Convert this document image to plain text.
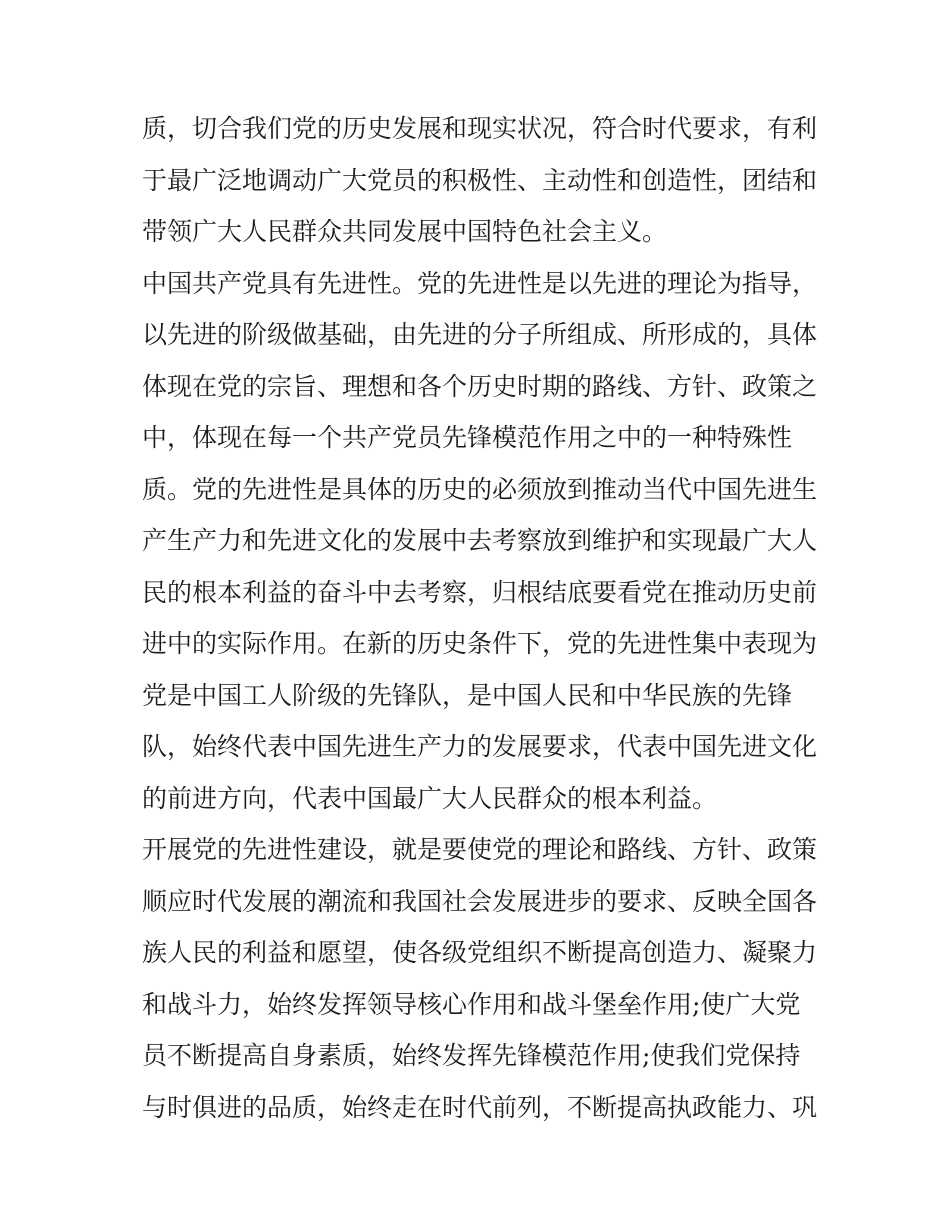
质，切合我们党的历史发展和现实状况，符合时代要求，有利
于最广泛地调动广大党员的积极性、主动性和创造性，团结和
带领广大人民群众共同发展中国特色社会主义。
中国共产党具有先进性。党的先进性是以先进的理论为指导，
以先进的阶级做基础，由先进的分子所组成、所形成的，具体
体现在党的宗旨、理想和各个历史时期的路线、方针、政策之
中，体现在每一个共产党员先锋模范作用之中的一种特殊性
质。党的先进性是具体的历史的必须放到推动当代中国先进生
产生产力和先进文化的发展中去考察放到维护和实现最广大人
民的根本利益的奋斗中去考察，归根结底要看党在推动历史前
进中的实际作用。在新的历史条件下，党的先进性集中表现为
党是中国工人阶级的先锋队，是中国人民和中华民族的先锋
队，始终代表中国先进生产力的发展要求，代表中国先进文化
的前进方向，代表中国最广大人民群众的根本利益。
开展党的先进性建设，就是要使党的理论和路线、方针、政策
顺应时代发展的潮流和我国社会发展进步的要求、反映全国各
族人民的利益和愿望，使各级党组织不断提高创造力、凝聚力
和战斗力，始终发挥领导核心作用和战斗堡垒作用;使广大党
员不断提高自身素质，始终发挥先锋模范作用;使我们党保持
与时俱进的品质，始终走在时代前列，不断提高执政能力、巩
